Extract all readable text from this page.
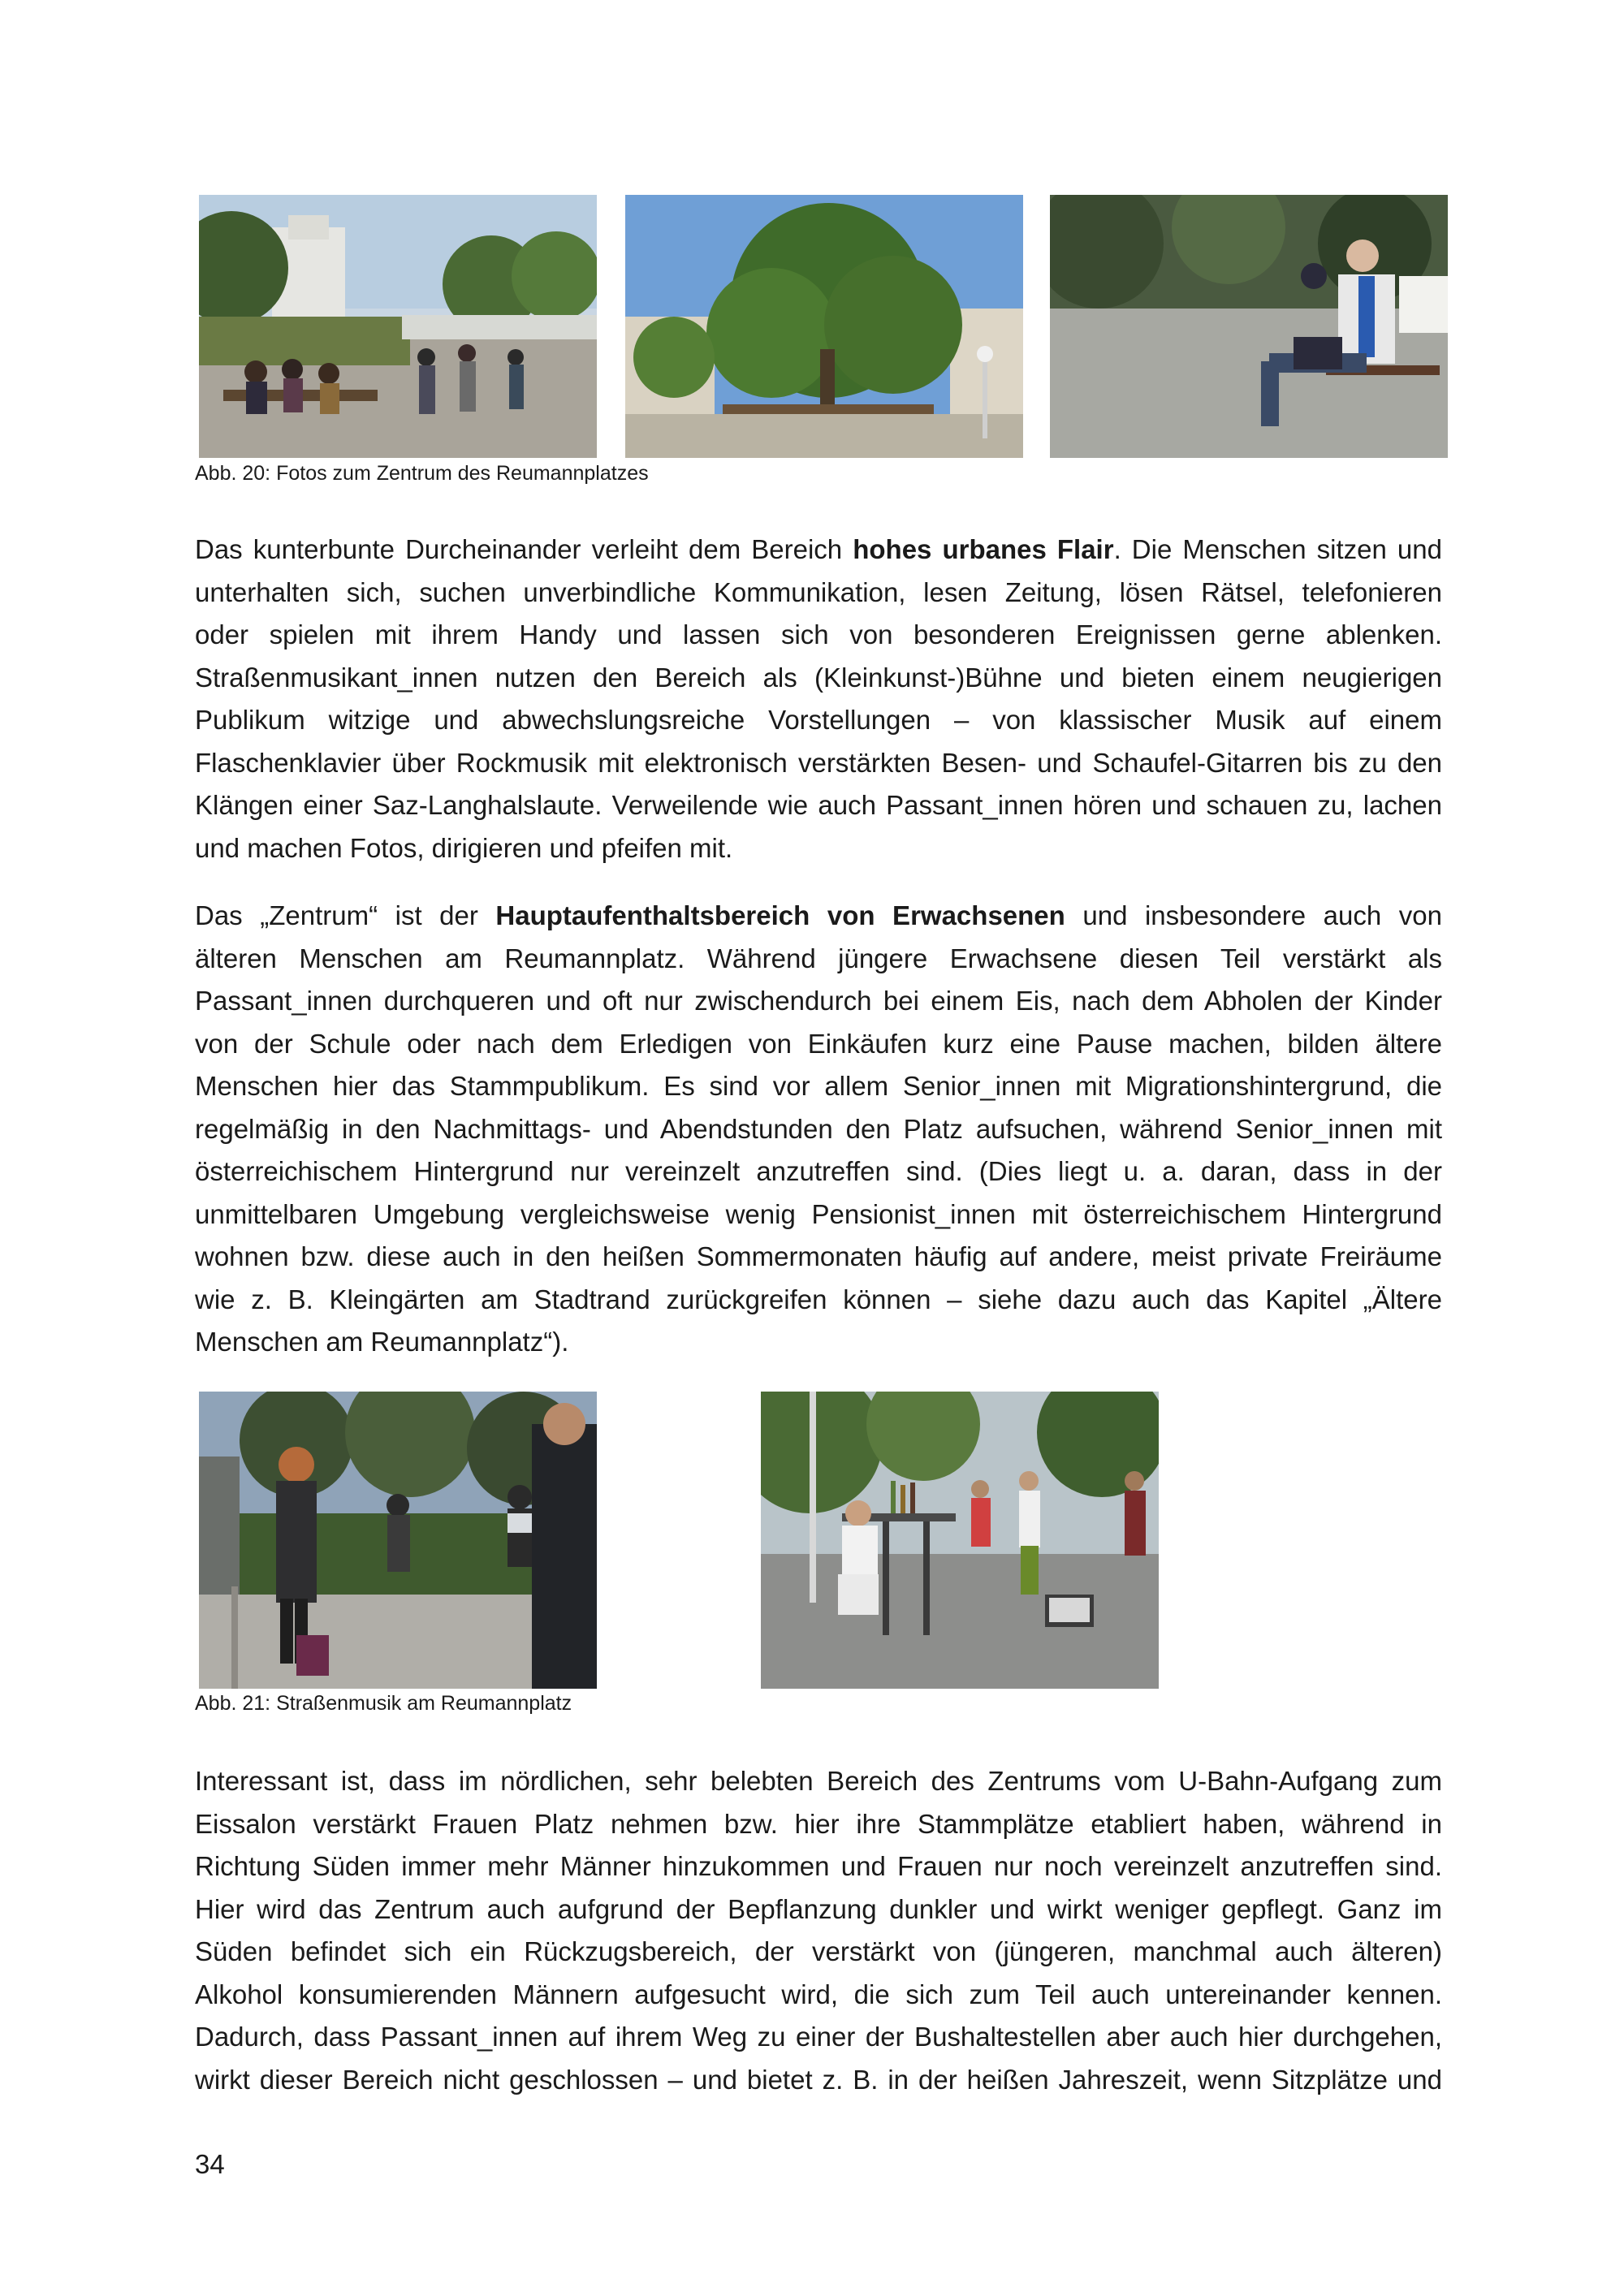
Abb. 20: Fotos zum Zentrum des Reumannplatzes
Das kunterbunte Durcheinander verleiht dem Bereich hohes urbanes Flair. Die Menschen sitzen und
unterhalten sich, suchen unverbindliche Kommunikation, lesen Zeitung, lösen Rätsel, telefonieren
oder spielen mit ihrem Handy und lassen sich von besonderen Ereignissen gerne ablenken.
Straßenmusikant_innen nutzen den Bereich als (Kleinkunst-)Bühne und bieten einem neugierigen
Publikum witzige und abwechslungsreiche Vorstellungen – von klassischer Musik auf einem
Flaschenklavier über Rockmusik mit elektronisch verstärkten Besen- und Schaufel-Gitarren bis zu den
Klängen einer Saz-Langhalslaute. Verweilende wie auch Passant_innen hören und schauen zu, lachen
und machen Fotos, dirigieren und pfeifen mit.
Das „Zentrum“ ist der Hauptaufenthaltsbereich von Erwachsenen und insbesondere auch von
älteren Menschen am Reumannplatz. Während jüngere Erwachsene diesen Teil verstärkt als
Passant_innen durchqueren und oft nur zwischendurch bei einem Eis, nach dem Abholen der Kinder
von der Schule oder nach dem Erledigen von Einkäufen kurz eine Pause machen, bilden ältere
Menschen hier das Stammpublikum. Es sind vor allem Senior_innen mit Migrationshintergrund, die
regelmäßig in den Nachmittags- und Abendstunden den Platz aufsuchen, während Senior_innen mit
österreichischem Hintergrund nur vereinzelt anzutreffen sind. (Dies liegt u. a. daran, dass in der
unmittelbaren Umgebung vergleichsweise wenig Pensionist_innen mit österreichischem Hintergrund
wohnen bzw. diese auch in den heißen Sommermonaten häufig auf andere, meist private Freiräume
wie z. B. Kleingärten am Stadtrand zurückgreifen können – siehe dazu auch das Kapitel „Ältere
Menschen am Reumannplatz“).
Abb. 21: Straßenmusik am Reumannplatz
Interessant ist, dass im nördlichen, sehr belebten Bereich des Zentrums vom U-Bahn-Aufgang zum
Eissalon verstärkt Frauen Platz nehmen bzw. hier ihre Stammplätze etabliert haben, während in
Richtung Süden immer mehr Männer hinzukommen und Frauen nur noch vereinzelt anzutreffen sind.
Hier wird das Zentrum auch aufgrund der Bepflanzung dunkler und wirkt weniger gepflegt. Ganz im
Süden befindet sich ein Rückzugsbereich, der verstärkt von (jüngeren, manchmal auch älteren)
Alkohol konsumierenden Männern aufgesucht wird, die sich zum Teil auch untereinander kennen.
Dadurch, dass Passant_innen auf ihrem Weg zu einer der Bushaltestellen aber auch hier durchgehen,
wirkt dieser Bereich nicht geschlossen – und bietet z. B. in der heißen Jahreszeit, wenn Sitzplätze und
34
